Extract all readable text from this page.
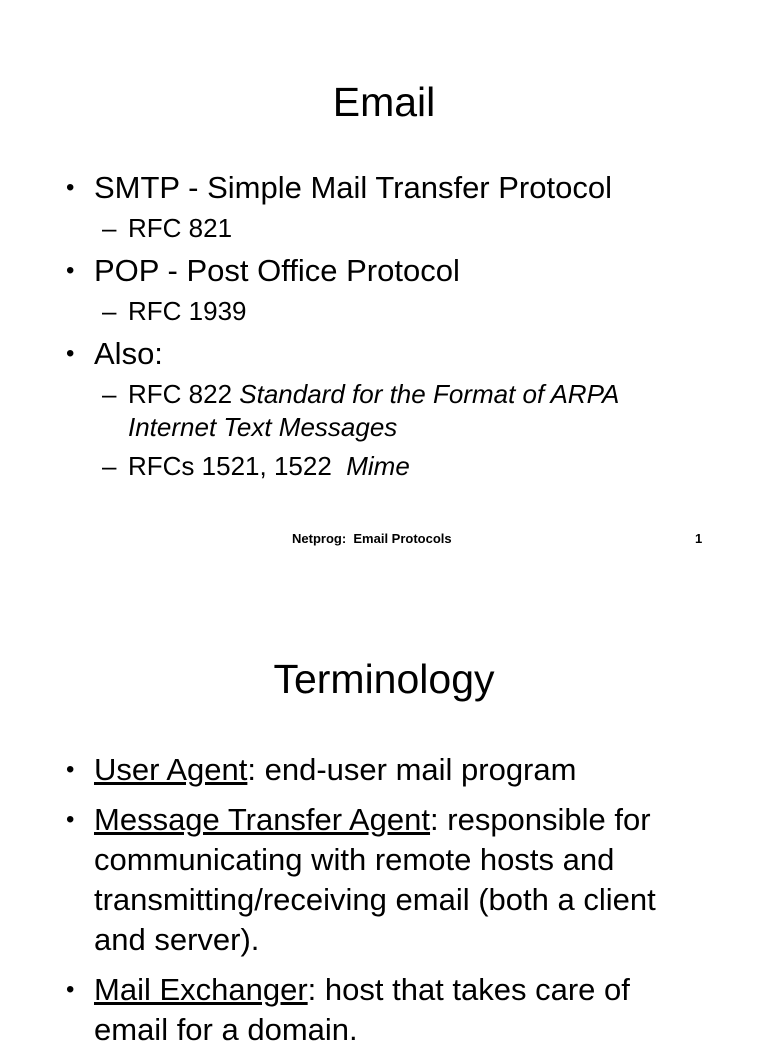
Email
• SMTP - Simple Mail Transfer Protocol
– RFC 821
• POP - Post Office Protocol
– RFC 1939
• Also:
– RFC 822 Standard for the Format of ARPA Internet Text Messages
– RFCs 1521, 1522  Mime
Netprog:  Email Protocols	1
Terminology
• User Agent: end-user mail program
• Message Transfer Agent: responsible for communicating with remote hosts and transmitting/receiving email (both a client and server).
• Mail Exchanger: host that takes care of email for a domain.
